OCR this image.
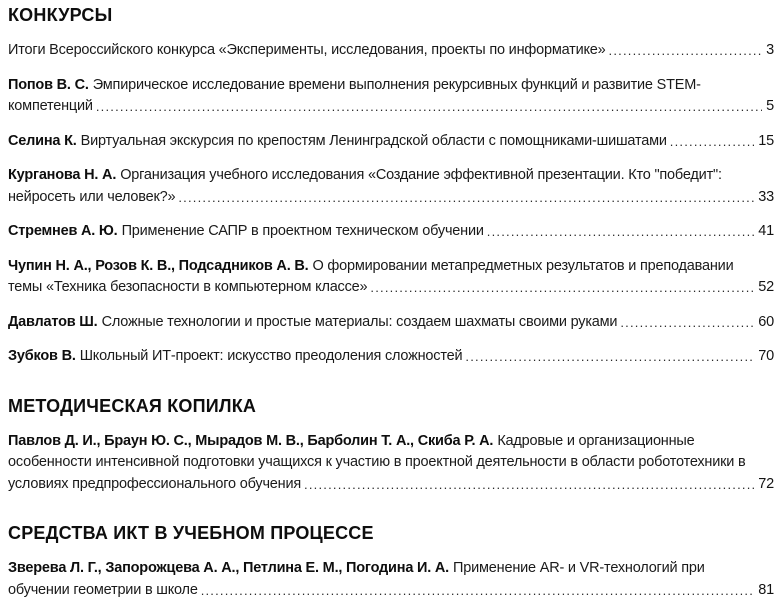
КОНКУРСЫ

Итоги Всероссийского конкурса «Эксперименты, исследования, проекты по информатике» .....	3

Попов В. С. Эмпирическое исследование времени выполнения рекурсивных функций и развитие STEM-компетенций .....	5

Селина К. Виртуальная экскурсия по крепостям Ленинградской области с помощниками-шишатами .....	15

Курганова Н. А. Организация учебного исследования «Создание эффективной презентации. Кто "победит": нейросеть или человек?» .....	33

Стремнев А. Ю. Применение САПР в проектном техническом обучении .....	41

Чупин Н. А., Розов К. В., Подсадников А. В. О формировании метапредметных результатов и преподавании темы «Техника безопасности в компьютерном классе» .....	52

Давлатов Ш. Сложные технологии и простые материалы: создаем шахматы своими руками .....	60

Зубков В. Школьный ИТ-проект: искусство преодоления сложностей .....	70

МЕТОДИЧЕСКАЯ КОПИЛКА

Павлов Д. И., Браун Ю. С., Мырадов М. В., Барболин Т. А., Скиба Р. А. Кадровые и организационные особенности интенсивной подготовки учащихся к участию в проектной деятельности в области робототехники в условиях предпрофессионального обучения .....	72

СРЕДСТВА ИКТ В УЧЕБНОМ ПРОЦЕССЕ

Зверева Л. Г., Запорожцева А. А., Петлина Е. М., Погодина И. А. Применение AR- и VR-технологий при обучении геометрии в школе .....	81
